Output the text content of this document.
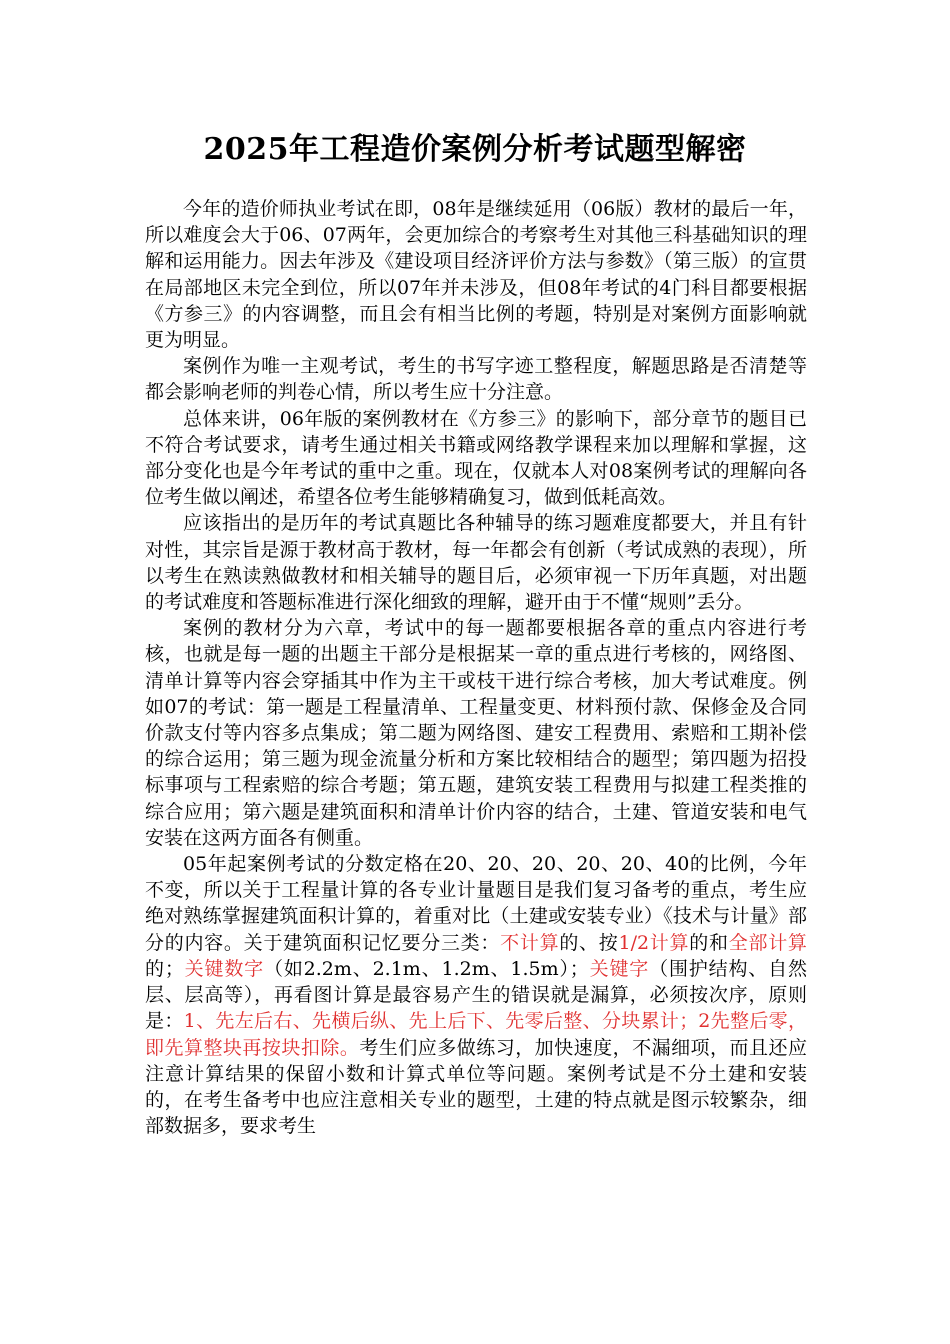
2025年工程造价案例分析考试题型解密

今年的造价师执业考试在即，08年是继续延用（06版）教材的最后一年，所以难度会大于06、07两年，会更加综合的考察考生对其他三科基础知识的理解和运用能力。因去年涉及《建设项目经济评价方法与参数》（第三版）的宣贯在局部地区未完全到位，所以07年并未涉及，但08年考试的4门科目都要根据《方参三》的内容调整，而且会有相当比例的考题，特别是对案例方面影响就更为明显。

案例作为唯一主观考试，考生的书写字迹工整程度，解题思路是否清楚等都会影响老师的判卷心情，所以考生应十分注意。

总体来讲，06年版的案例教材在《方参三》的影响下，部分章节的题目已不符合考试要求，请考生通过相关书籍或网络教学课程来加以理解和掌握，这部分变化也是今年考试的重中之重。现在，仅就本人对08案例考试的理解向各位考生做以阐述，希望各位考生能够精确复习，做到低耗高效。

应该指出的是历年的考试真题比各种辅导的练习题难度都要大，并且有针对性，其宗旨是源于教材高于教材，每一年都会有创新（考试成熟的表现），所以考生在熟读熟做教材和相关辅导的题目后，必须审视一下历年真题，对出题的考试难度和答题标准进行深化细致的理解，避开由于不懂“规则”丢分。

案例的教材分为六章，考试中的每一题都要根据各章的重点内容进行考核，也就是每一题的出题主干部分是根据某一章的重点进行考核的，网络图、清单计算等内容会穿插其中作为主干或枝干进行综合考核，加大考试难度。例如07的考试：第一题是工程量清单、工程量变更、材料预付款、保修金及合同价款支付等内容多点集成；第二题为网络图、建安工程费用、索赔和工期补偿的综合运用；第三题为现金流量分析和方案比较相结合的题型；第四题为招投标事项与工程索赔的综合考题；第五题，建筑安装工程费用与拟建工程类推的综合应用；第六题是建筑面积和清单计价内容的结合，土建、管道安装和电气安装在这两方面各有侧重。

05年起案例考试的分数定格在20、20、20、20、20、40的比例，今年不变，所以关于工程量计算的各专业计量题目是我们复习备考的重点，考生应绝对熟练掌握建筑面积计算的，着重对比（土建或安装专业）《技术与计量》部分的内容。关于建筑面积记忆要分三类：不计算的、按1/2计算的和全部计算的；关键数字（如2.2m、2.1m、1.2m、1.5m）；关键字（围护结构、自然层、层高等），再看图计算是最容易产生的错误就是漏算，必须按次序，原则是：1、先左后右、先横后纵、先上后下、先零后整、分块累计；2先整后零，即先算整块再按块扣除。考生们应多做练习，加快速度，不漏细项，而且还应注意计算结果的保留小数和计算式单位等问题。案例考试是不分土建和安装的，在考生备考中也应注意相关专业的题型，土建的特点就是图示较繁杂，细部数据多，要求考生
